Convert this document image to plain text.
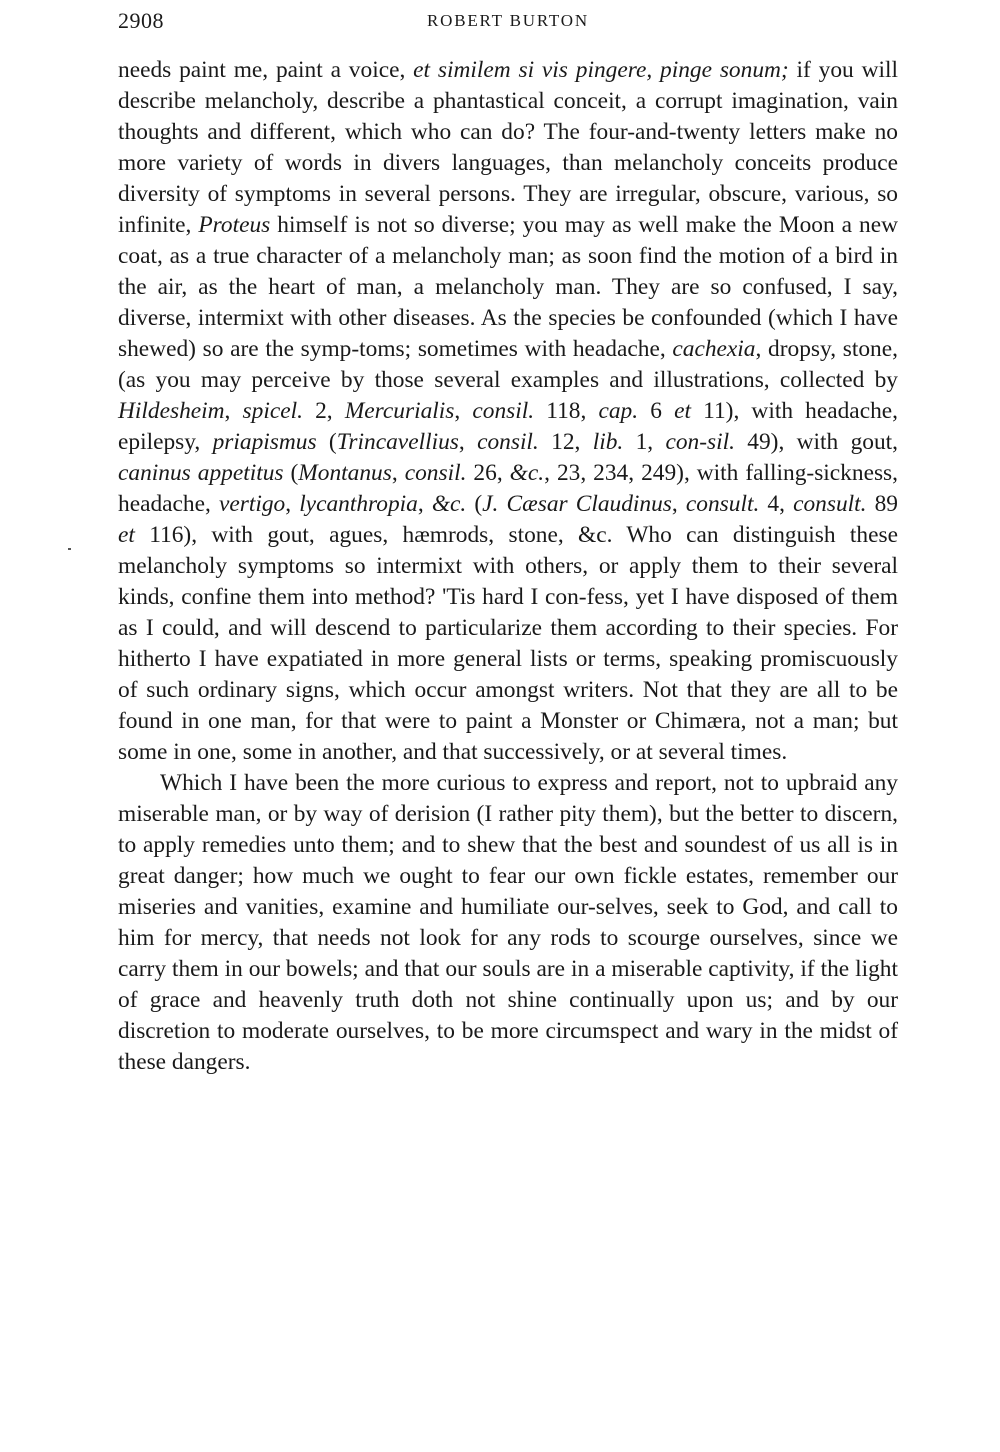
2908	ROBERT BURTON

needs paint me, paint a voice, et similem si vis pingere, pinge sonum; if you will describe melancholy, describe a phantastical conceit, a corrupt imagination, vain thoughts and different, which who can do? The four-and-twenty letters make no more variety of words in divers languages, than melancholy conceits produce diversity of symptoms in several persons. They are irregular, obscure, various, so infinite, Proteus himself is not so diverse; you may as well make the Moon a new coat, as a true character of a melancholy man; as soon find the motion of a bird in the air, as the heart of man, a melancholy man. They are so confused, I say, diverse, intermixt with other diseases. As the species be confounded (which I have shewed) so are the symp-toms; sometimes with headache, cachexia, dropsy, stone, (as you may perceive by those several examples and illustrations, collected by Hildesheim, spicel. 2, Mercurialis, consil. 118, cap. 6 et 11), with headache, epilepsy, priapismus (Trincavellius, consil. 12, lib. 1, con-sil. 49), with gout, caninus appetitus (Montanus, consil. 26, &c., 23, 234, 249), with falling-sickness, headache, vertigo, lycanthropia, &c. (J. Cæsar Claudinus, consult. 4, consult. 89 et 116), with gout, agues, hæmrods, stone, &c. Who can distinguish these melancholy symptoms so intermixt with others, or apply them to their several kinds, confine them into method? 'Tis hard I con-fess, yet I have disposed of them as I could, and will descend to particularize them according to their species. For hitherto I have expatiated in more general lists or terms, speaking promiscuously of such ordinary signs, which occur amongst writers. Not that they are all to be found in one man, for that were to paint a Monster or Chimæra, not a man; but some in one, some in another, and that successively, or at several times.

Which I have been the more curious to express and report, not to upbraid any miserable man, or by way of derision (I rather pity them), but the better to discern, to apply remedies unto them; and to shew that the best and soundest of us all is in great danger; how much we ought to fear our own fickle estates, remember our miseries and vanities, examine and humiliate our-selves, seek to God, and call to him for mercy, that needs not look for any rods to scourge ourselves, since we carry them in our bowels; and that our souls are in a miserable captivity, if the light of grace and heavenly truth doth not shine continually upon us; and by our discretion to moderate ourselves, to be more circumspect and wary in the midst of these dangers.
